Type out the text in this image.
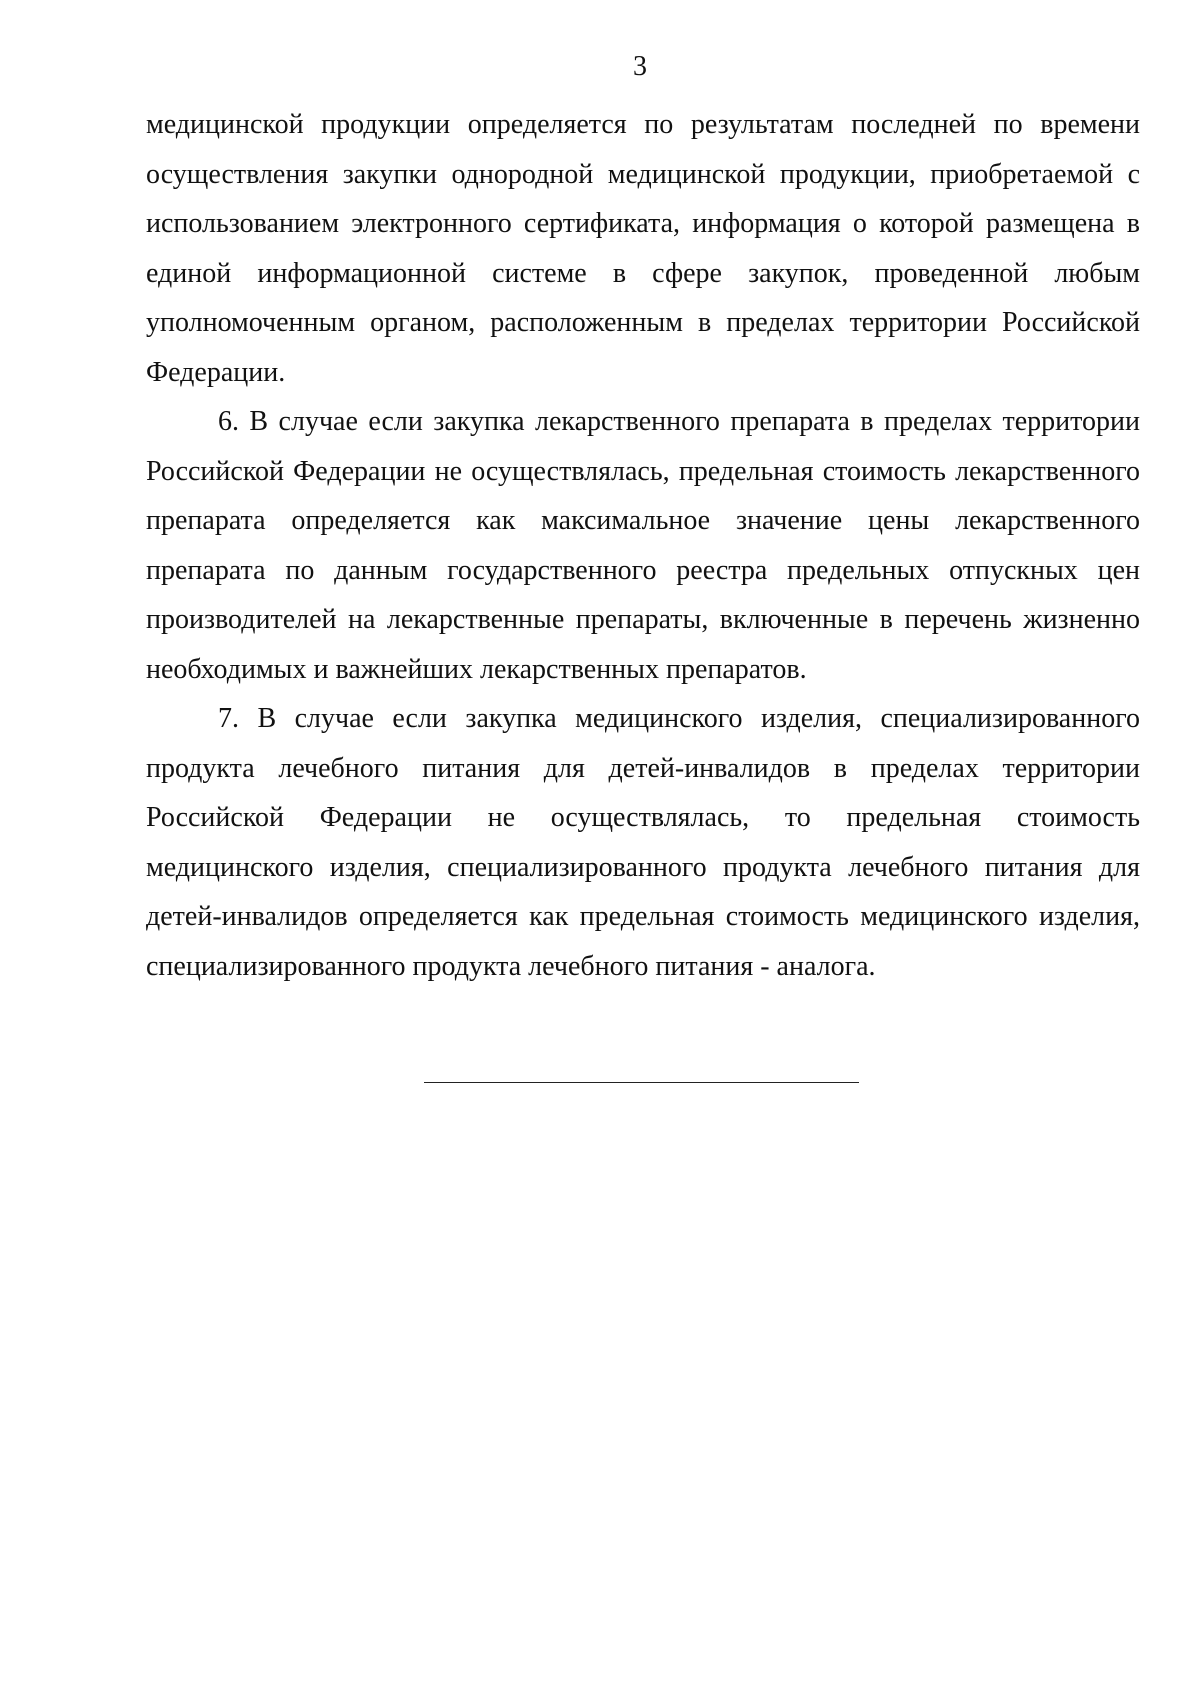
3

медицинской продукции определяется по результатам последней по времени осуществления закупки однородной медицинской продукции, приобретаемой с использованием электронного сертификата, информация о которой размещена в единой информационной системе в сфере закупок, проведенной любым уполномоченным органом, расположенным в пределах территории Российской Федерации.

6. В случае если закупка лекарственного препарата в пределах территории Российской Федерации не осуществлялась, предельная стоимость лекарственного препарата определяется как максимальное значение цены лекарственного препарата по данным государственного реестра предельных отпускных цен производителей на лекарственные препараты, включенные в перечень жизненно необходимых и важнейших лекарственных препаратов.

7. В случае если закупка медицинского изделия, специализированного продукта лечебного питания для детей-инвалидов в пределах территории Российской Федерации не осуществлялась, то предельная стоимость медицинского изделия, специализированного продукта лечебного питания для детей-инвалидов определяется как предельная стоимость медицинского изделия, специализированного продукта лечебного питания - аналога.
